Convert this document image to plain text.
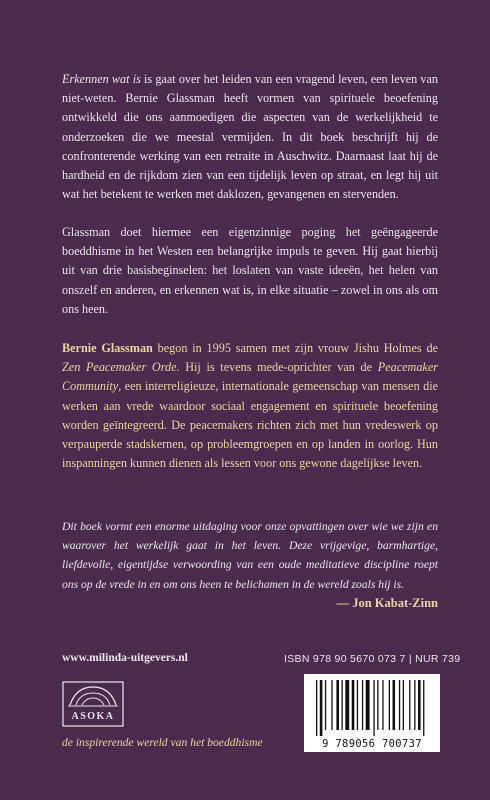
Erkennen wat is is gaat over het leiden van een vragend leven, een leven van niet-weten. Bernie Glassman heeft vormen van spirituele beoefening ontwikkeld die ons aanmoedigen die aspecten van de werkelijkheid te onderzoeken die we meestal vermijden. In dit boek beschrijft hij de confronterende werking van een retraite in Auschwitz. Daarnaast laat hij de hardheid en de rijkdom zien van een tijdelijk leven op straat, en legt hij uit wat het betekent te werken met daklozen, gevangenen en stervenden.

Glassman doet hiermee een eigenzinnige poging het geëngageerde boeddhisme in het Westen een belangrijke impuls te geven. Hij gaat hierbij uit van drie basisbeginselen: het loslaten van vaste ideeën, het helen van onszelf en anderen, en erkennen wat is, in elke situatie – zowel in ons als om ons heen.

Bernie Glassman begon in 1995 samen met zijn vrouw Jishu Holmes de Zen Peacemaker Orde. Hij is tevens mede-oprichter van de Peacemaker Community, een interreligieuze, internationale gemeenschap van mensen die werken aan vrede waardoor sociaal engagement en spirituele beoefening worden geïntegreerd. De peacemakers richten zich met hun vredeswerk op verpauperde stadskernen, op probleemgroepen en op landen in oorlog. Hun inspanningen kunnen dienen als lessen voor ons gewone dagelijkse leven.

Dit boek vormt een enorme uitdaging voor onze opvattingen over wie we zijn en waarover het werkelijk gaat in het leven. Deze vrijgevige, barmhartige, liefdevolle, eigentijdse verwoording van een oude meditatieve discipline roept ons op de vrede in en om ons heen te belichamen in de wereld zoals hij is.

— Jon Kabat-Zinn
www.milinda-uitgevers.nl	ISBN 978 90 5670 073 7 | NUR 739
ASOKA
de inspirerende wereld van het boeddhisme	9 789056 700737
